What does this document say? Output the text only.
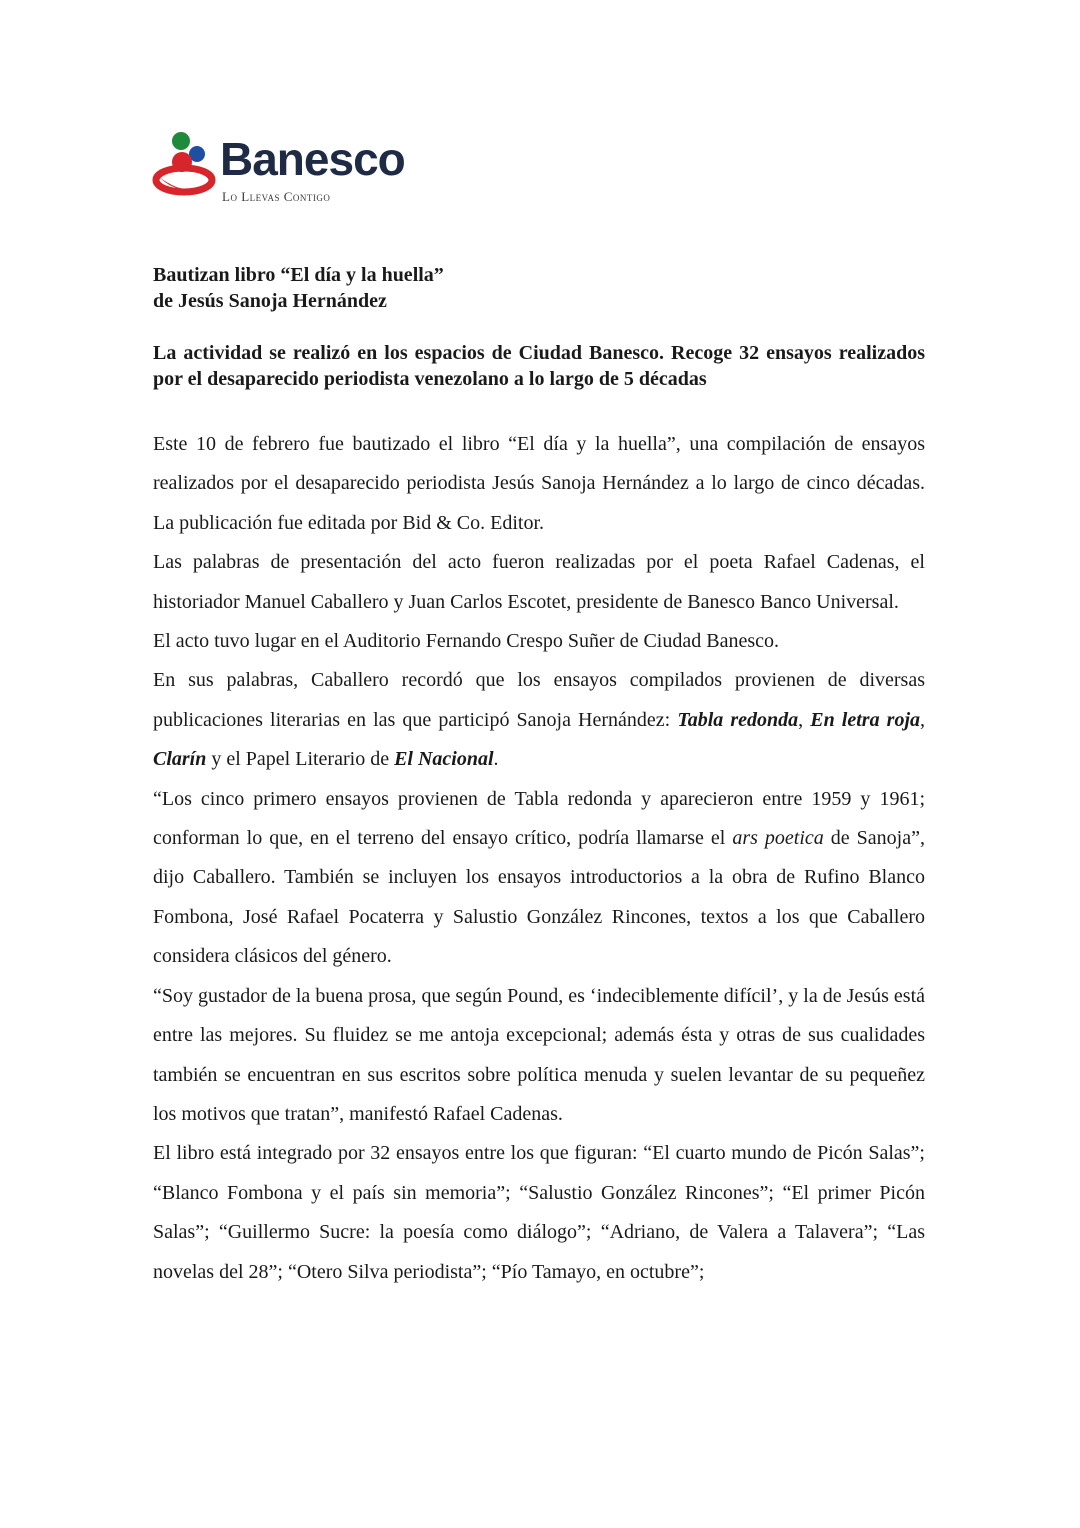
Banesco
Lo Llevas Contigo
Bautizan libro “El día y la huella”
de Jesús Sanoja Hernández
La actividad se realizó en los espacios de Ciudad Banesco. Recoge 32 ensayos realizados por el desaparecido periodista venezolano a lo largo de 5 décadas

Este 10 de febrero fue bautizado el libro “El día y la huella”, una compilación de ensayos realizados por el desaparecido periodista Jesús Sanoja Hernández a lo largo de cinco décadas. La publicación fue editada por Bid & Co. Editor.

Las palabras de presentación del acto fueron realizadas por el poeta Rafael Cadenas, el historiador Manuel Caballero y Juan Carlos Escotet, presidente de Banesco Banco Universal.

El acto tuvo lugar en el Auditorio Fernando Crespo Suñer de Ciudad Banesco.

En sus palabras, Caballero recordó que los ensayos compilados provienen de diversas publicaciones literarias en las que participó Sanoja Hernández: Tabla redonda, En letra roja, Clarín y el Papel Literario de El Nacional.

“Los cinco primero ensayos provienen de Tabla redonda y aparecieron entre 1959 y 1961; conforman lo que, en el terreno del ensayo crítico, podría llamarse el ars poetica de Sanoja”, dijo Caballero. También se incluyen los ensayos introductorios a la obra de Rufino Blanco Fombona, José Rafael Pocaterra y Salustio González Rincones, textos a los que Caballero considera clásicos del género.

“Soy gustador de la buena prosa, que según Pound, es ‘indeciblemente difícil’, y la de Jesús está entre las mejores. Su fluidez se me antoja excepcional; además ésta y otras de sus cualidades también se encuentran en sus escritos sobre política menuda y suelen levantar de su pequeñez los motivos que tratan”, manifestó Rafael Cadenas.

El libro está integrado por 32 ensayos entre los que figuran: “El cuarto mundo de Picón Salas”; “Blanco Fombona y el país sin memoria”; “Salustio González Rincones”; “El primer Picón Salas”; “Guillermo Sucre: la poesía como diálogo”; “Adriano, de Valera a Talavera”; “Las novelas del 28”; “Otero Silva periodista”; “Pío Tamayo, en octubre”;
